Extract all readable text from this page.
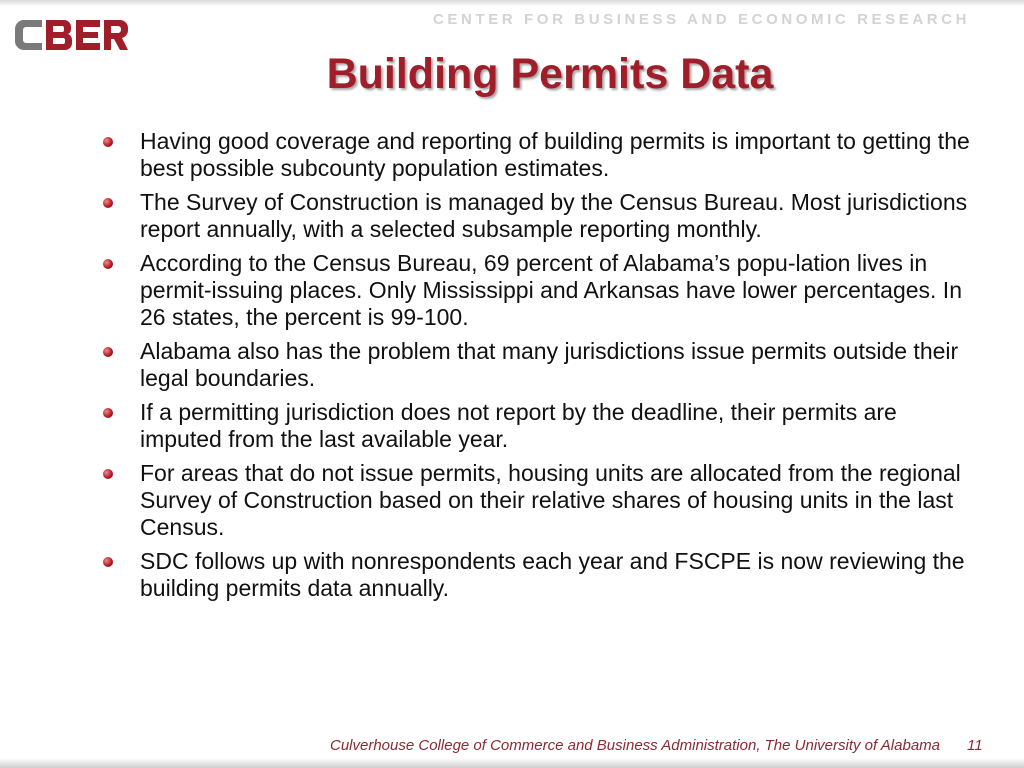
CENTER FOR BUSINESS AND ECONOMIC RESEARCH
Building Permits Data
Having good coverage and reporting of building permits is important to getting the best possible subcounty population estimates.
The Survey of Construction is managed by the Census Bureau. Most jurisdictions report annually, with a selected subsample reporting monthly.
According to the Census Bureau, 69 percent of Alabama’s popu-lation lives in permit-issuing places. Only Mississippi and Arkansas have lower percentages. In 26 states, the percent is 99-100.
Alabama also has the problem that many jurisdictions issue permits outside their legal boundaries.
If a permitting jurisdiction does not report by the deadline, their permits are imputed from the last available year.
For areas that do not issue permits, housing units are allocated from the regional Survey of Construction based on their relative shares of housing units in the last Census.
SDC follows up with nonrespondents each year and FSCPE is now reviewing the building permits data annually.
Culverhouse College of Commerce and Business Administration, The University of Alabama 11
